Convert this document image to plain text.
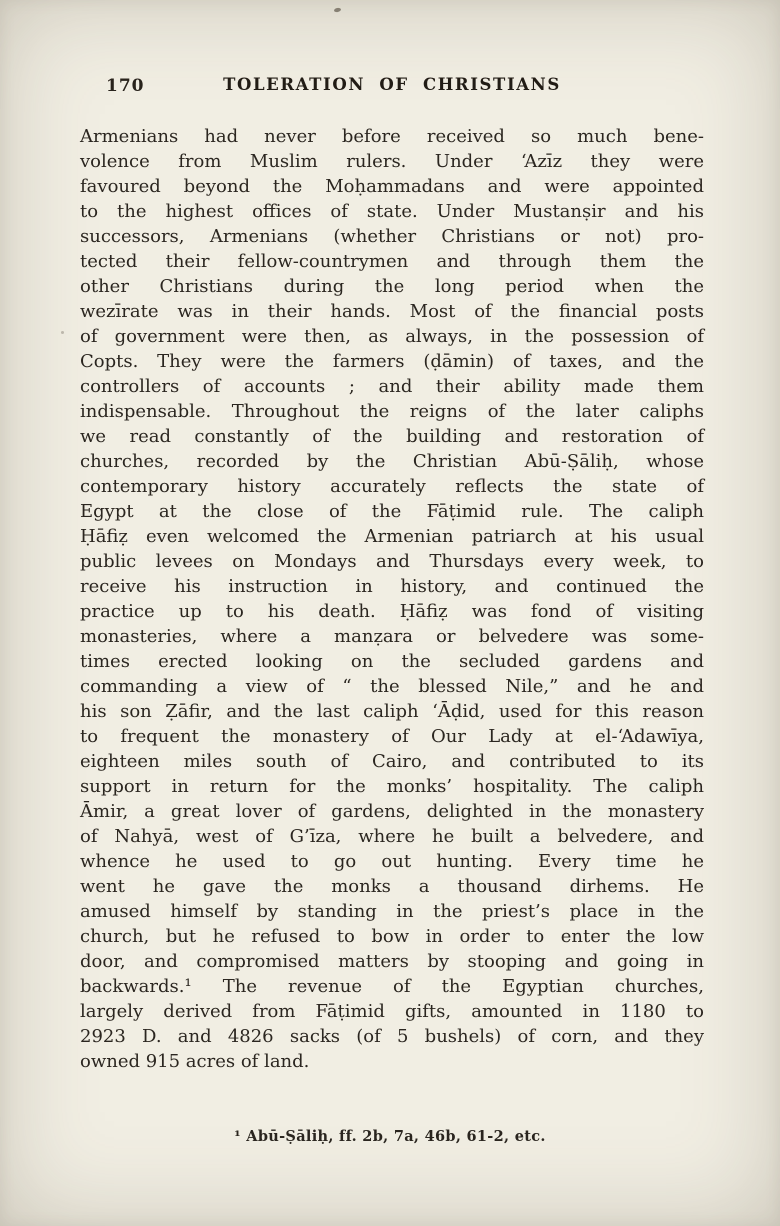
170	TOLERATION OF CHRISTIANS
Armenians had never before received so much bene-
volence from Muslim rulers. Under ‘Azīz they were
favoured beyond the Moḥammadans and were appointed
to the highest offices of state. Under Mustanṣir and his
successors, Armenians (whether Christians or not) pro-
tected their fellow-countrymen and through them the
other Christians during the long period when the
wezīrate was in their hands. Most of the financial posts
of government were then, as always, in the possession of
Copts. They were the farmers (ḍāmin) of taxes, and the
controllers of accounts ; and their ability made them
indispensable. Throughout the reigns of the later caliphs
we read constantly of the building and restoration of
churches, recorded by the Christian Abū-Ṣāliḥ, whose
contemporary history accurately reflects the state of
Egypt at the close of the Fāṭimid rule. The caliph
Ḥāfiẓ even welcomed the Armenian patriarch at his usual
public levees on Mondays and Thursdays every week, to
receive his instruction in history, and continued the
practice up to his death. Ḥāfiẓ was fond of visiting
monasteries, where a manẓara or belvedere was some-
times erected looking on the secluded gardens and
commanding a view of “ the blessed Nile,” and he and
his son Ẓāfir, and the last caliph ‘Āḍid, used for this reason
to frequent the monastery of Our Lady at el-‘Adawīya,
eighteen miles south of Cairo, and contributed to its
support in return for the monks’ hospitality. The caliph
Āmir, a great lover of gardens, delighted in the monastery
of Nahyā, west of G’īza, where he built a belvedere, and
whence he used to go out hunting. Every time he
went he gave the monks a thousand dirhems. He
amused himself by standing in the priest’s place in the
church, but he refused to bow in order to enter the low
door, and compromised matters by stooping and going in
backwards.¹ The revenue of the Egyptian churches,
largely derived from Fāṭimid gifts, amounted in 1180 to
2923 D. and 4826 sacks (of 5 bushels) of corn, and they
owned 915 acres of land.
¹ Abū-Ṣāliḥ, ff. 2b, 7a, 46b, 61-2, etc.
